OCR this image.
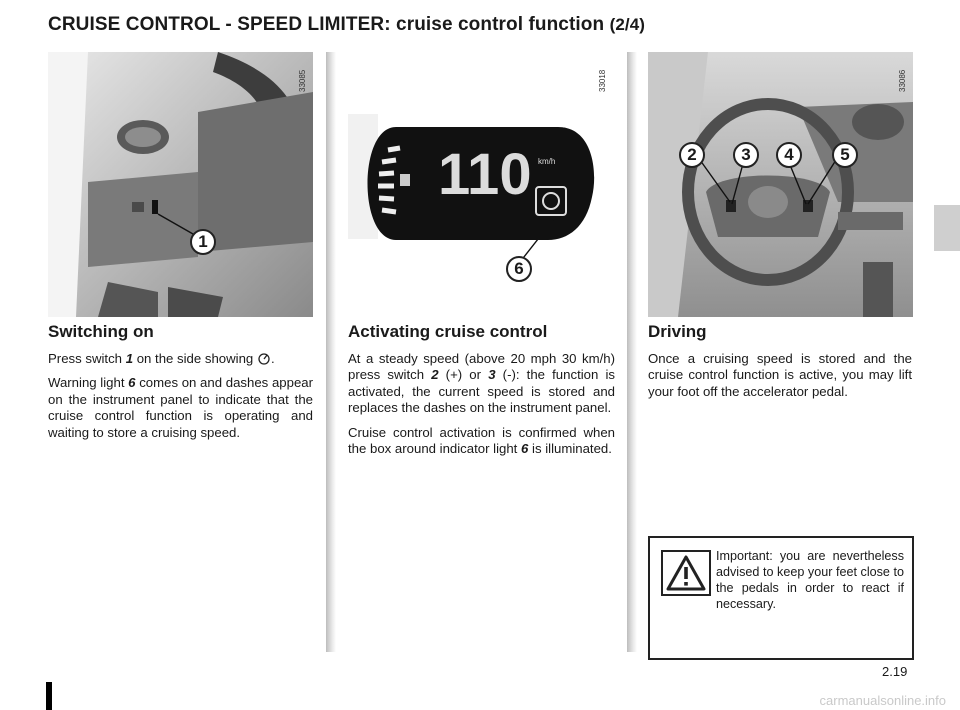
CRUISE CONTROL - SPEED LIMITER: cruise control function (2/4)
33085
1
110 km/h
33018
6
33086
2	3	4	5
Switching on

Press switch 1 on the side showing .

Warning light 6 comes on and dashes appear on the instrument panel to indicate that the cruise control function is operating and waiting to store a cruising speed.

Activating cruise control

At a steady speed (above 20 mph 30 km/h) press switch 2 (+) or 3 (-): the function is activated, the current speed is stored and replaces the dashes on the instrument panel.

Cruise control activation is confirmed when the box around indicator light 6 is illuminated.

Driving

Once a cruising speed is stored and the cruise control function is active, you may lift your foot off the accelerator pedal.

Important: you are nevertheless advised to keep your feet close to the pedals in order to react if necessary.
2.19
carmanualsonline.info
